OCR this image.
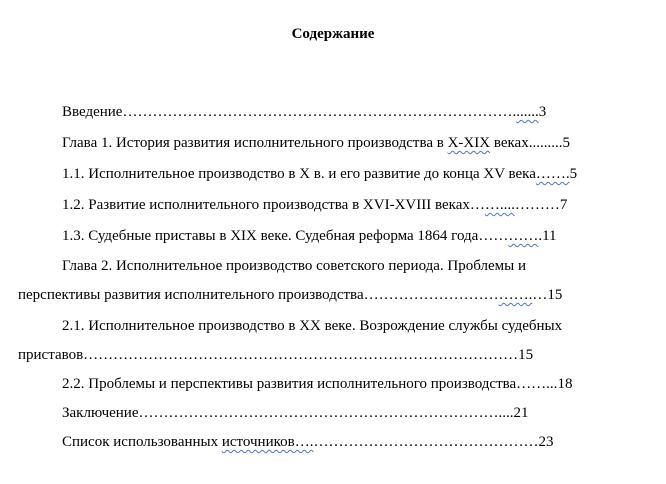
Содержание
Введение…………………………………………………………………….......3
Глава 1. История развития исполнительного производства в X-XIX веках.........5
1.1. Исполнительное производство в X в. и его развитие до конца XV века…….5
1.2. Развитие исполнительного производства в XVI-XVIII веках……....………7
1.3. Судебные приставы в XIX веке. Судебная реформа 1864 года………….11
Глава 2. Исполнительное производство советского периода. Проблемы и
перспективы развития исполнительного производства…………………………….…15
2.1. Исполнительное производство в XX веке. Возрождение службы судебных
приставов……………………………………………………………………………15
2.2. Проблемы и перспективы развития исполнительного производства……...18
Заключение………………………………………………………………....21
Список использованных источников….………………………………………23
